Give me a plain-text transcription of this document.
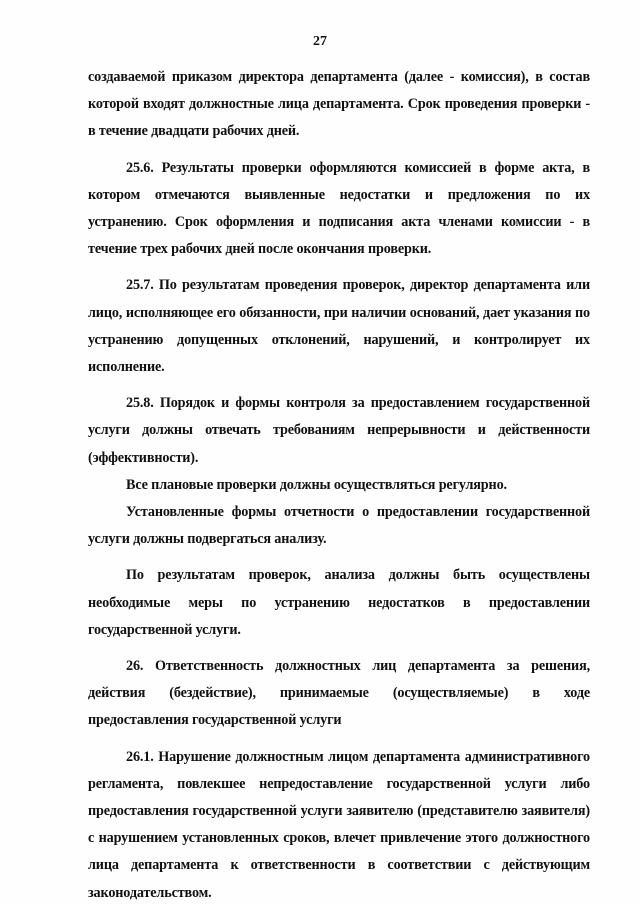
27

создаваемой приказом директора департамента (далее - комиссия), в состав которой входят должностные лица департамента. Срок проведения проверки - в течение двадцати рабочих дней.

25.6. Результаты проверки оформляются комиссией в форме акта, в котором отмечаются выявленные недостатки и предложения по их устранению. Срок оформления и подписания акта членами комиссии - в течение трех рабочих дней после окончания проверки.

25.7. По результатам проведения проверок, директор департамента или лицо, исполняющее его обязанности, при наличии оснований, дает указания по устранению допущенных отклонений, нарушений, и контролирует их исполнение.

25.8. Порядок и формы контроля за предоставлением государственной услуги должны отвечать требованиям непрерывности и действенности (эффективности).

Все плановые проверки должны осуществляться регулярно.

Установленные формы отчетности о предоставлении государственной услуги должны подвергаться анализу.

По результатам проверок, анализа должны быть осуществлены необходимые меры по устранению недостатков в предоставлении государственной услуги.

26. Ответственность должностных лиц департамента за решения, действия (бездействие), принимаемые (осуществляемые) в ходе предоставления государственной услуги

26.1. Нарушение должностным лицом департамента административного регламента, повлекшее непредоставление государственной услуги либо предоставления государственной услуги заявителю (представителю заявителя) с нарушением установленных сроков, влечет привлечение этого должностного лица департамента к ответственности в соответствии с действующим законодательством.
